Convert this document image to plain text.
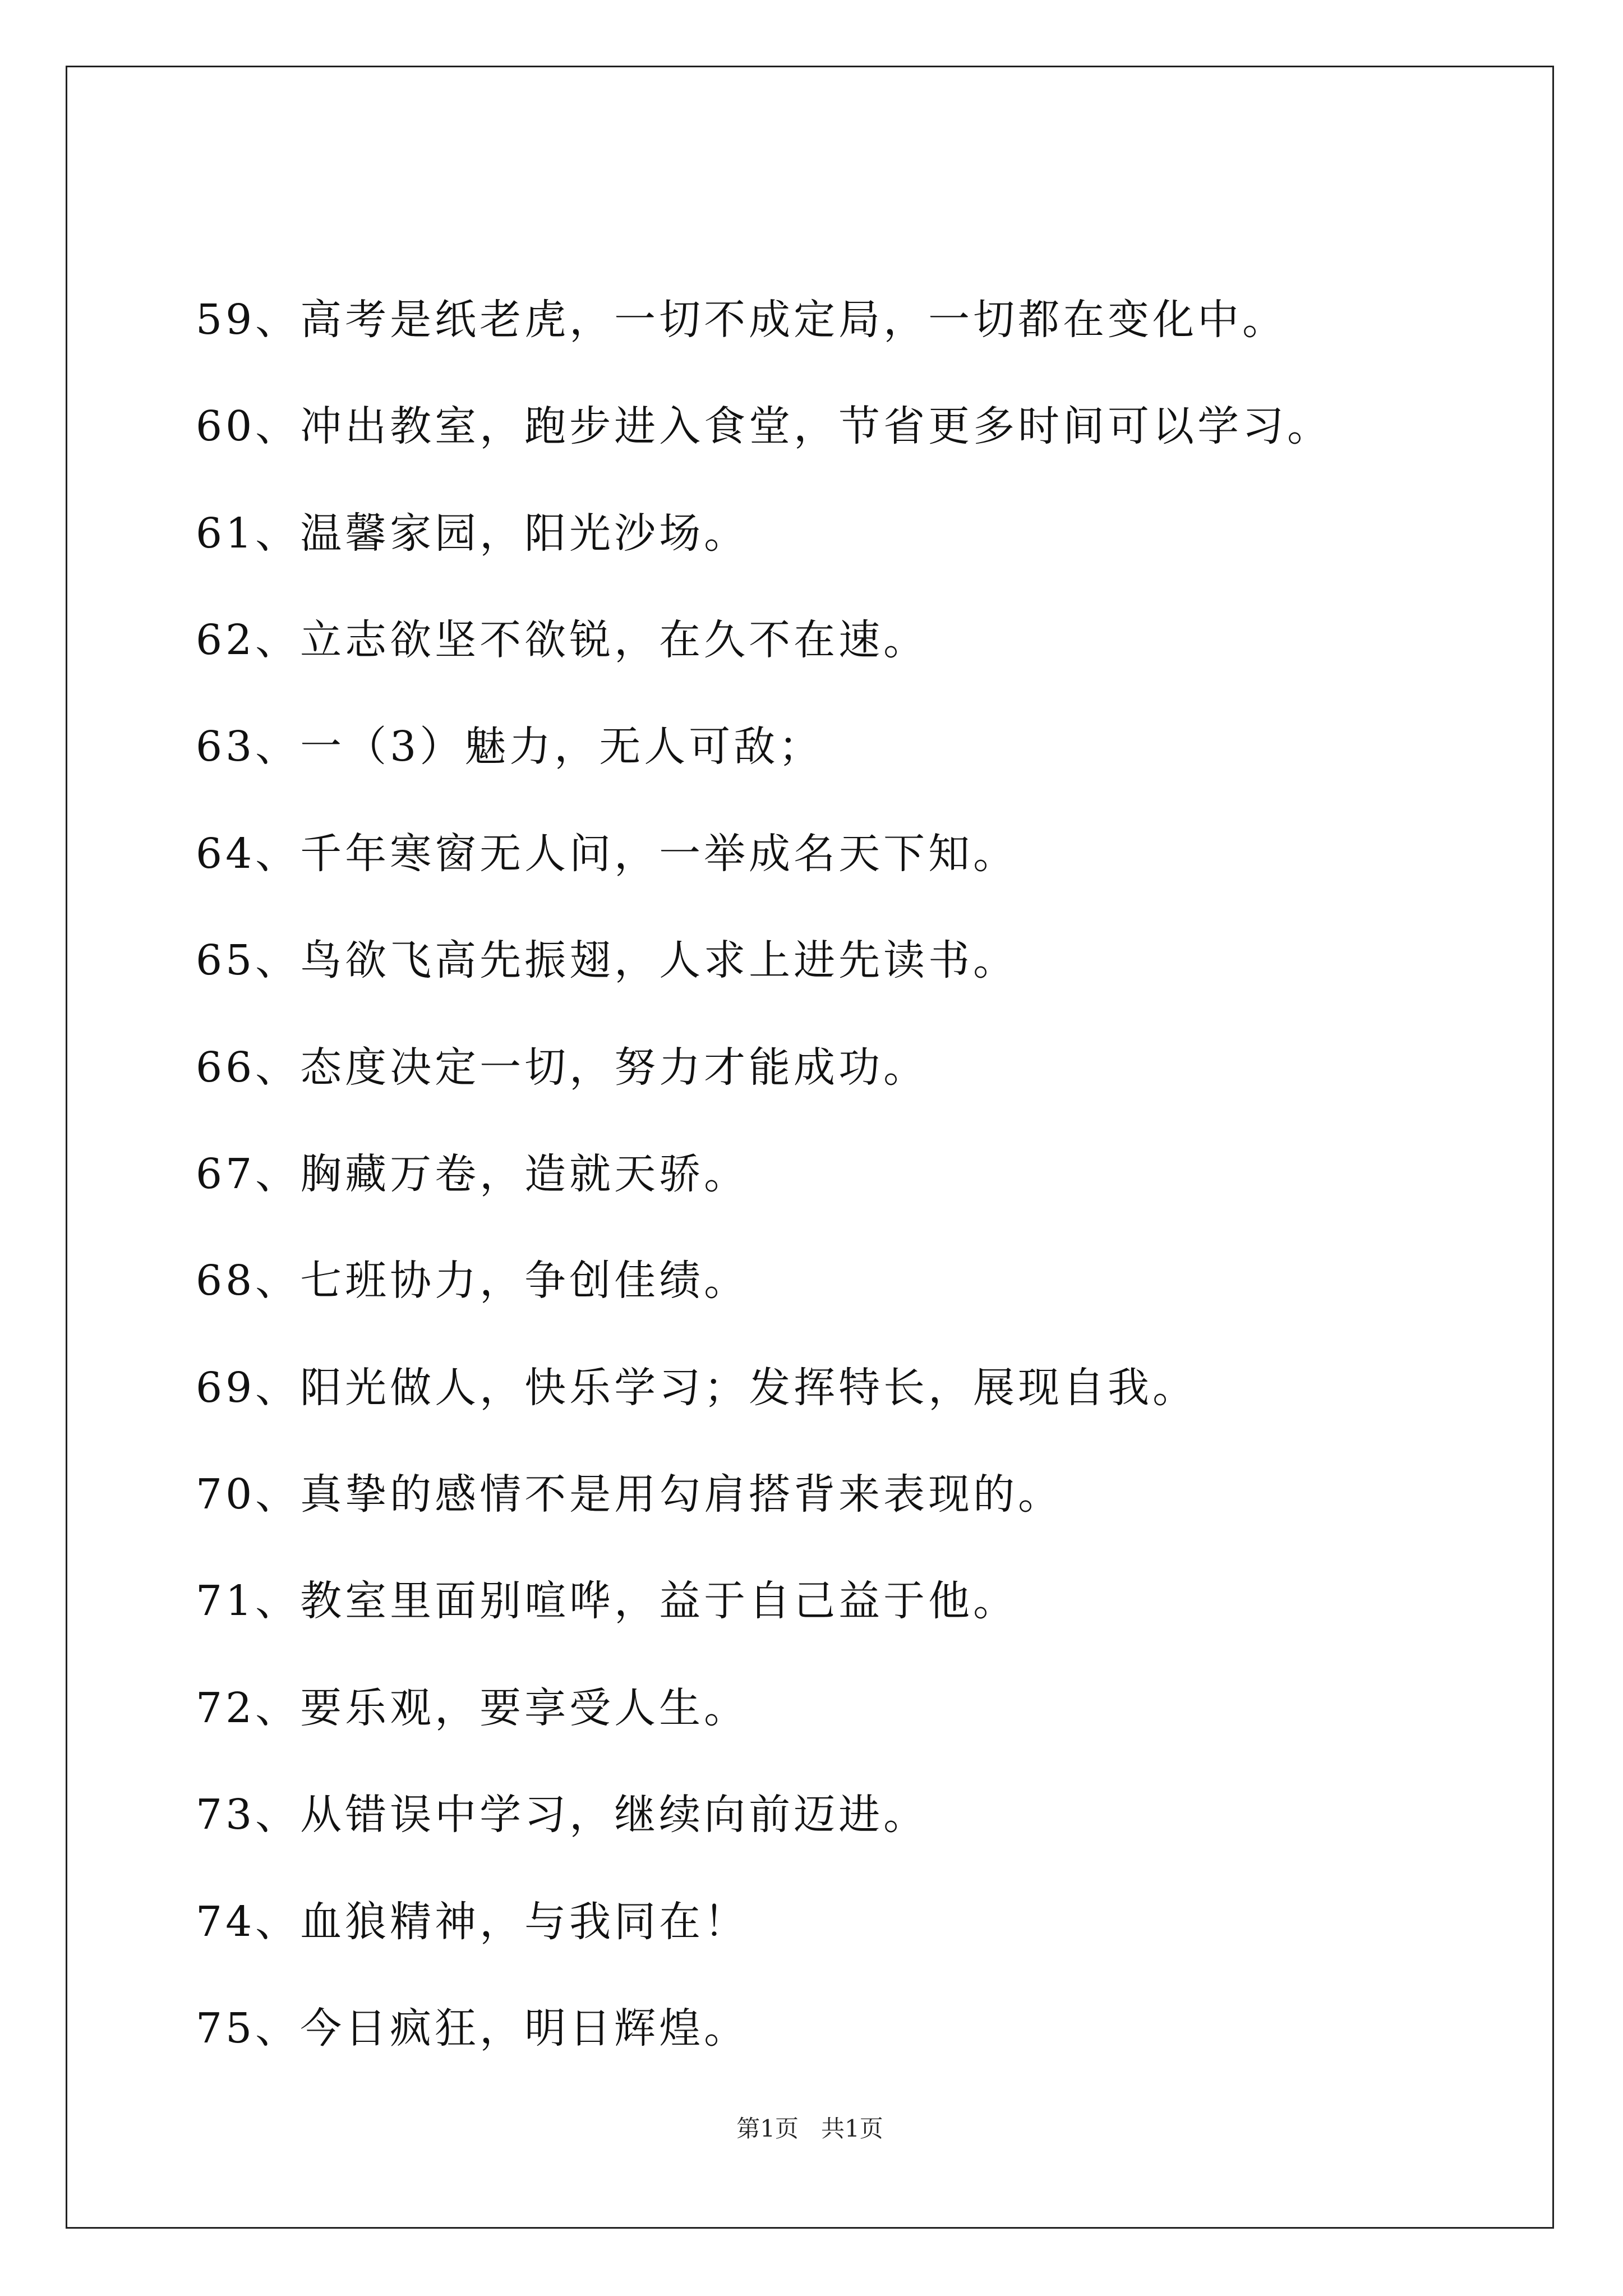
59、高考是纸老虎，一切不成定局，一切都在变化中。
60、冲出教室，跑步进入食堂，节省更多时间可以学习。
61、温馨家园，阳光沙场。
62、立志欲坚不欲锐，在久不在速。
63、一（3）魅力，无人可敌；
64、千年寒窗无人问，一举成名天下知。
65、鸟欲飞高先振翅，人求上进先读书。
66、态度决定一切，努力才能成功。
67、胸藏万卷，造就天骄。
68、七班协力，争创佳绩。
69、阳光做人，快乐学习；发挥特长，展现自我。
70、真挚的感情不是用勾肩搭背来表现的。
71、教室里面别喧哗，益于自己益于他。
72、要乐观，要享受人生。
73、从错误中学习，继续向前迈进。
74、血狼精神，与我同在！
75、今日疯狂，明日辉煌。
第1页 共1页
